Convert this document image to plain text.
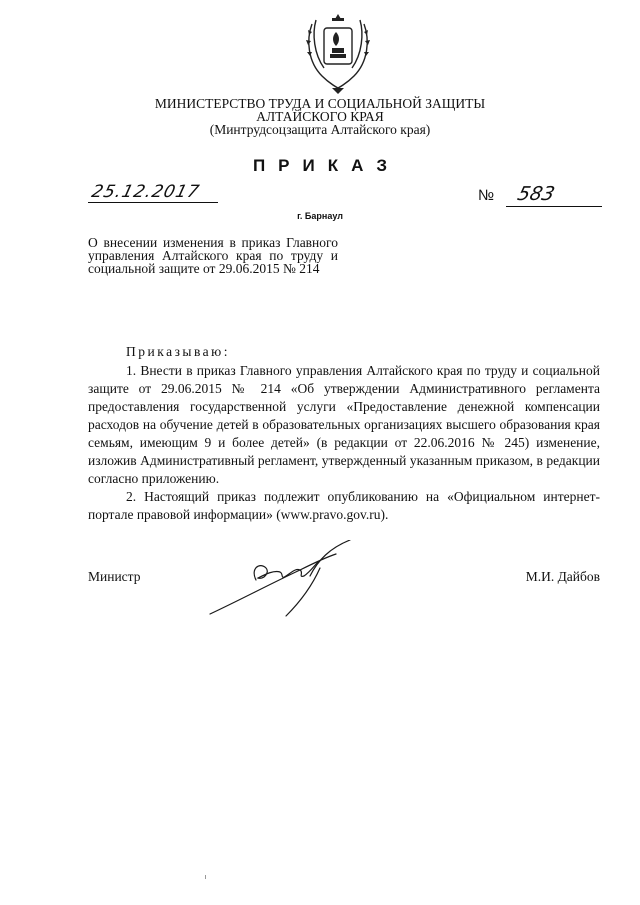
МИНИСТЕРСТВО ТРУДА И СОЦИАЛЬНОЙ ЗАЩИТЫ
АЛТАЙСКОГО КРАЯ
(Минтрудсоцзащита Алтайского края)
ПРИКАЗ
25.12.2017	№ 583
г. Барнаул
О внесении изменения в приказ Главного управления Алтайского края по труду и социальной защите от 29.06.2015 № 214
Приказываю:

1. Внести в приказ Главного управления Алтайского края по труду и социальной защите от 29.06.2015 № 214 «Об утверждении Административного регламента предоставления государственной услуги «Предоставление денежной компенсации расходов на обучение детей в образовательных организациях высшего образования края семьям, имеющим 9 и более детей» (в редакции от 22.06.2016 № 245) изменение, изложив Административный регламент, утвержденный указанным приказом, в редакции согласно приложению.

2. Настоящий приказ подлежит опубликованию на «Официальном интернет-портале правовой информации» (www.pravo.gov.ru).

Министр	М.И. Дайбов
